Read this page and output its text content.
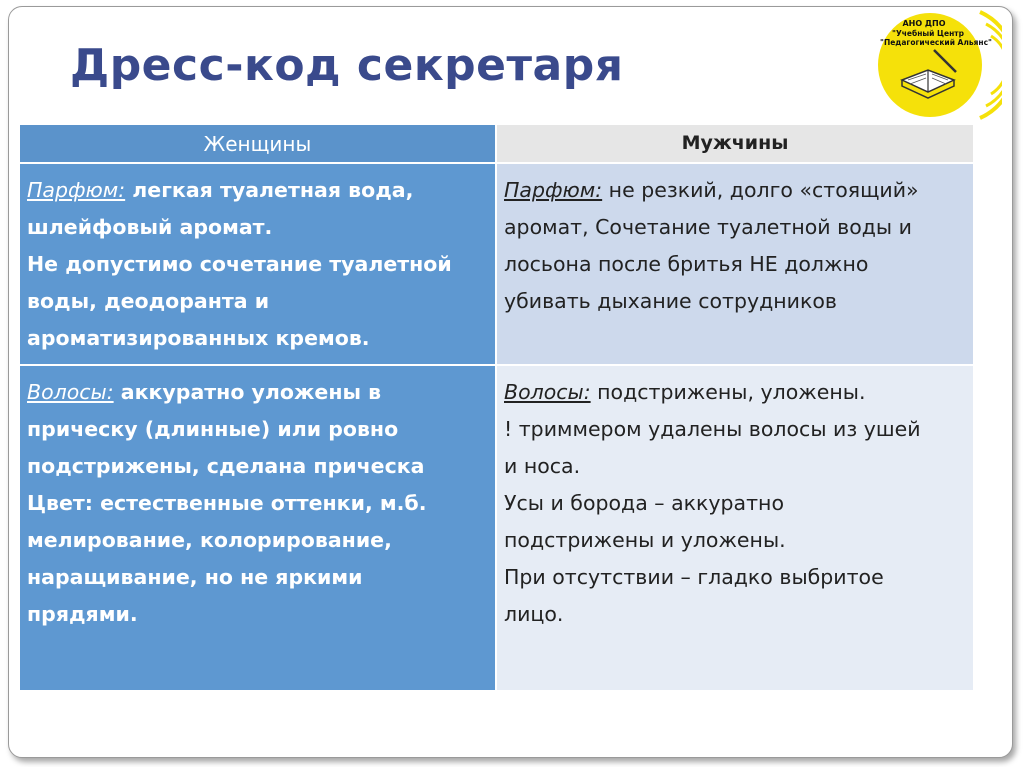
Дресс-код секретаря
АНО ДПО
"Учебный Центр
"Педагогический Альянс"
Женщины	Мужчины
Парфюм: легкая туалетная вода,
шлейфовый аромат.
Не допустимо сочетание туалетной
воды, деодоранта и
ароматизированных кремов.
Парфюм: не резкий, долго «стоящий»
аромат, Сочетание туалетной воды и
лосьона после бритья НЕ должно
убивать дыхание сотрудников
Волосы: аккуратно уложены в
прическу (длинные) или ровно
подстрижены, сделана прическа
Цвет: естественные оттенки, м.б.
мелирование, колорирование,
наращивание, но не яркими
прядями.
Волосы: подстрижены, уложены.
! триммером удалены волосы из ушей
и носа.
Усы и борода – аккуратно
подстрижены и уложены.
При отсутствии – гладко выбритое
лицо.
